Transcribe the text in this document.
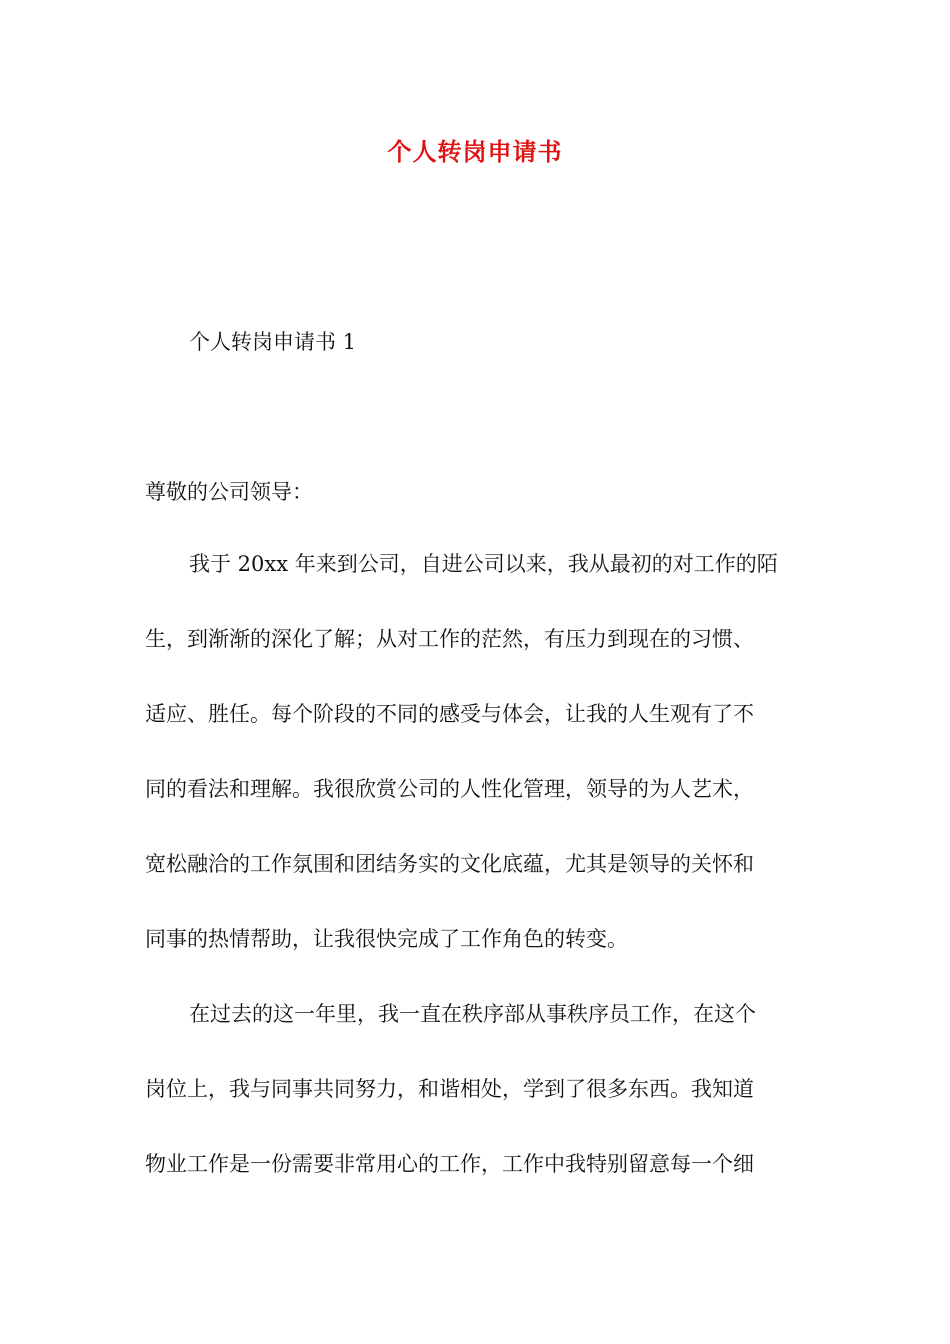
个人转岗申请书
个人转岗申请书 1
尊敬的公司领导：
我于 20xx 年来到公司，自进公司以来，我从最初的对工作的陌
生，到渐渐的深化了解；从对工作的茫然，有压力到现在的习惯、
适应、胜任。每个阶段的不同的感受与体会，让我的人生观有了不
同的看法和理解。我很欣赏公司的人性化管理，领导的为人艺术，
宽松融洽的工作氛围和团结务实的文化底蕴，尤其是领导的关怀和
同事的热情帮助，让我很快完成了工作角色的转变。
在过去的这一年里，我一直在秩序部从事秩序员工作，在这个
岗位上，我与同事共同努力，和谐相处，学到了很多东西。我知道
物业工作是一份需要非常用心的工作，工作中我特别留意每一个细
